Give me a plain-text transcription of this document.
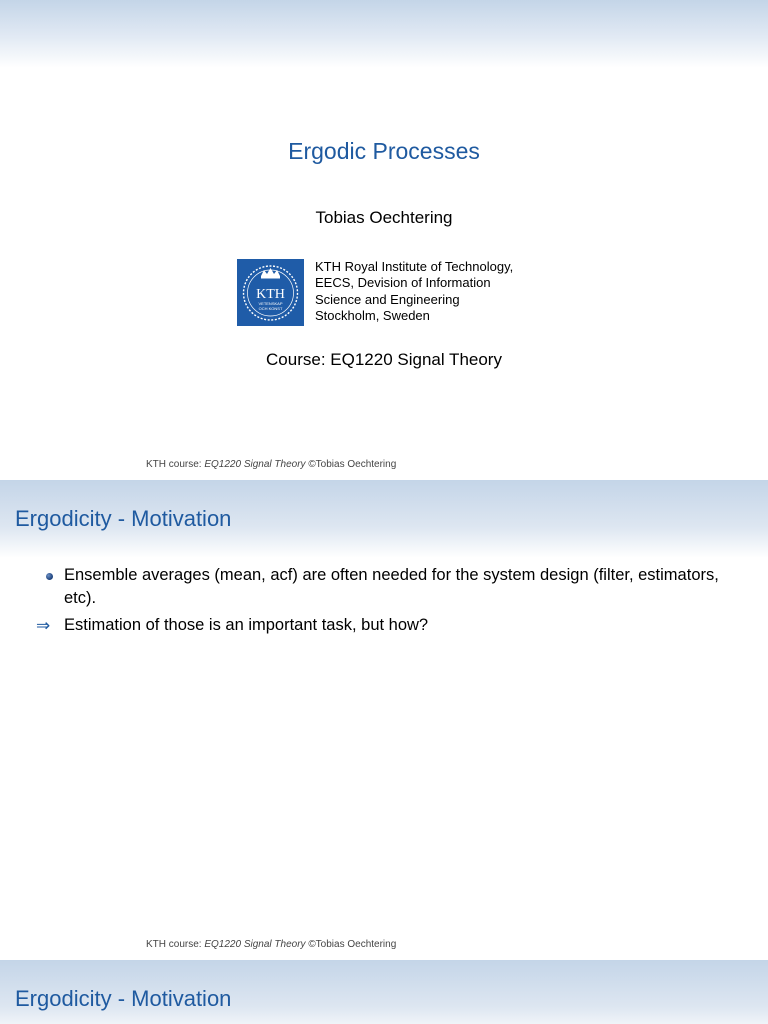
Ergodic Processes
Tobias Oechtering
KTH
VETENSKAP
OCH KONST
KTH Royal Institute of Technology,
EECS, Devision of Information
Science and Engineering
Stockholm, Sweden
Course: EQ1220 Signal Theory
KTH course: EQ1220 Signal Theory ©Tobias Oechtering
Ergodicity - Motivation
Ensemble averages (mean, acf) are often needed for the system design (filter, estimators, etc).
⇒ Estimation of those is an important task, but how?
KTH course: EQ1220 Signal Theory ©Tobias Oechtering
Ergodicity - Motivation
